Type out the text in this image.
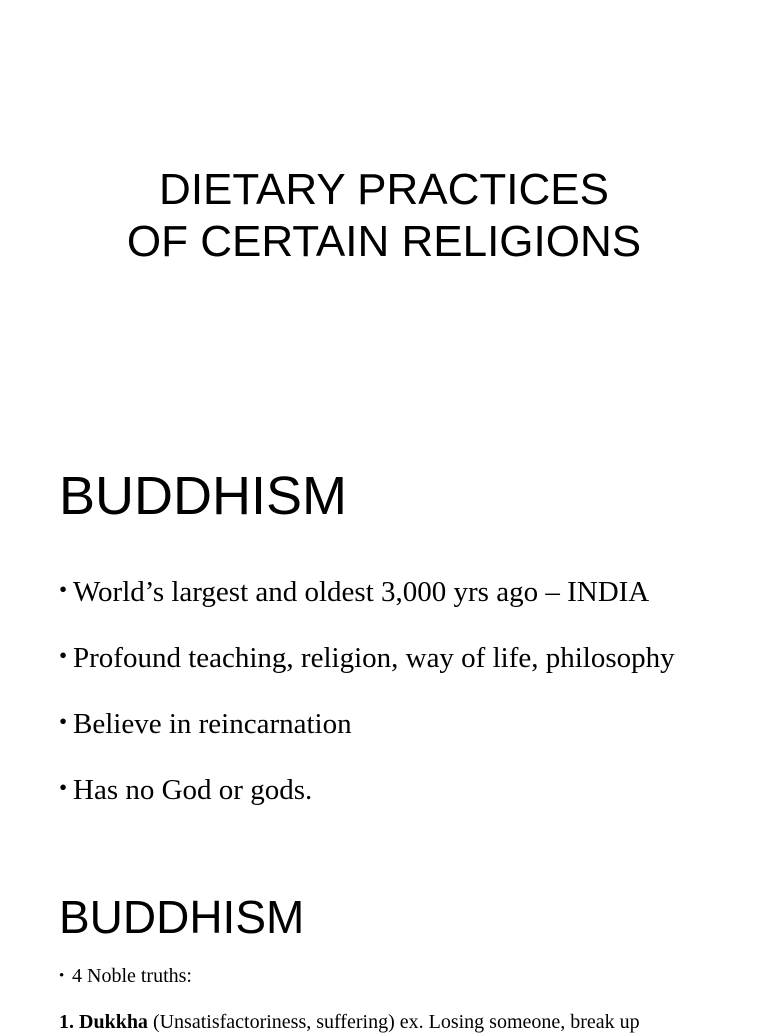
DIETARY PRACTICES
OF CERTAIN RELIGIONS
BUDDHISM
• World’s largest and oldest 3,000 yrs ago – INDIA
• Profound teaching, religion, way of life, philosophy
• Believe in reincarnation
• Has no God or gods.
BUDDHISM
• 4 Noble truths:

1. Dukkha (Unsatisfactoriness, suffering) ex. Losing someone, break up
